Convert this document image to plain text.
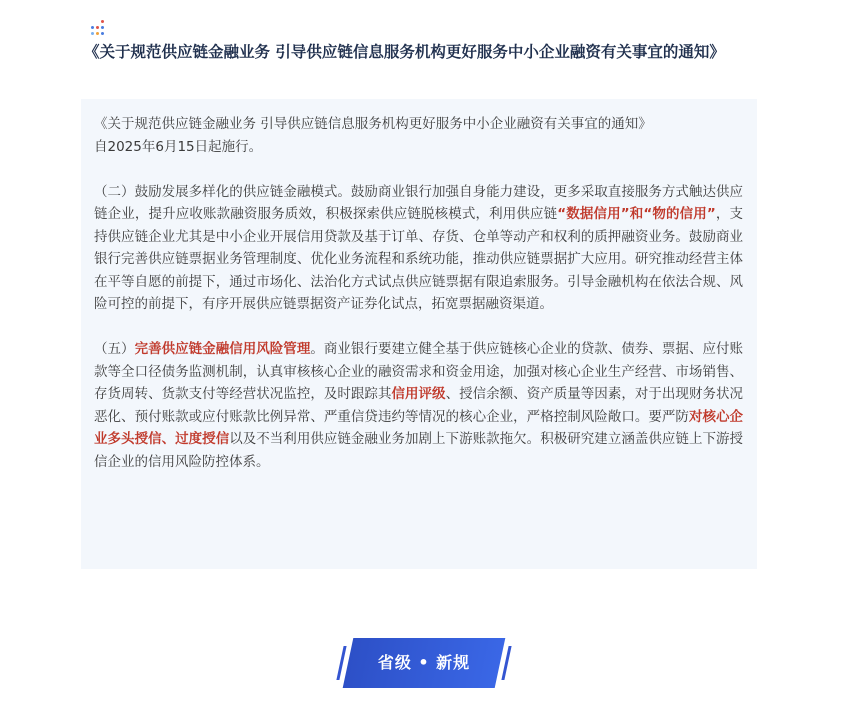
《关于规范供应链金融业务 引导供应链信息服务机构更好服务中小企业融资有关事宜的通知》

《关于规范供应链金融业务 引导供应链信息服务机构更好服务中小企业融资有关事宜的通知》
自2025年6月15日起施行。

（二）鼓励发展多样化的供应链金融模式。鼓励商业银行加强自身能力建设，更多采取直接服务方式触达供应链企业，提升应收账款融资服务质效，积极探索供应链脱核模式，利用供应链“数据信用”和“物的信用”，支持供应链企业尤其是中小企业开展信用贷款及基于订单、存货、仓单等动产和权利的质押融资业务。鼓励商业银行完善供应链票据业务管理制度、优化业务流程和系统功能，推动供应链票据扩大应用。研究推动经营主体在平等自愿的前提下，通过市场化、法治化方式试点供应链票据有限追索服务。引导金融机构在依法合规、风险可控的前提下，有序开展供应链票据资产证券化试点，拓宽票据融资渠道。

（五）完善供应链金融信用风险管理。商业银行要建立健全基于供应链核心企业的贷款、债券、票据、应付账款等全口径债务监测机制，认真审核核心企业的融资需求和资金用途，加强对核心企业生产经营、市场销售、存货周转、货款支付等经营状况监控，及时跟踪其信用评级、授信余额、资产质量等因素，对于出现财务状况恶化、预付账款或应付账款比例异常、严重信贷违约等情况的核心企业，严格控制风险敞口。要严防对核心企业多头授信、过度授信以及不当利用供应链金融业务加剧上下游账款拖欠。积极研究建立涵盖供应链上下游授信企业的信用风险防控体系。

省级 • 新规
